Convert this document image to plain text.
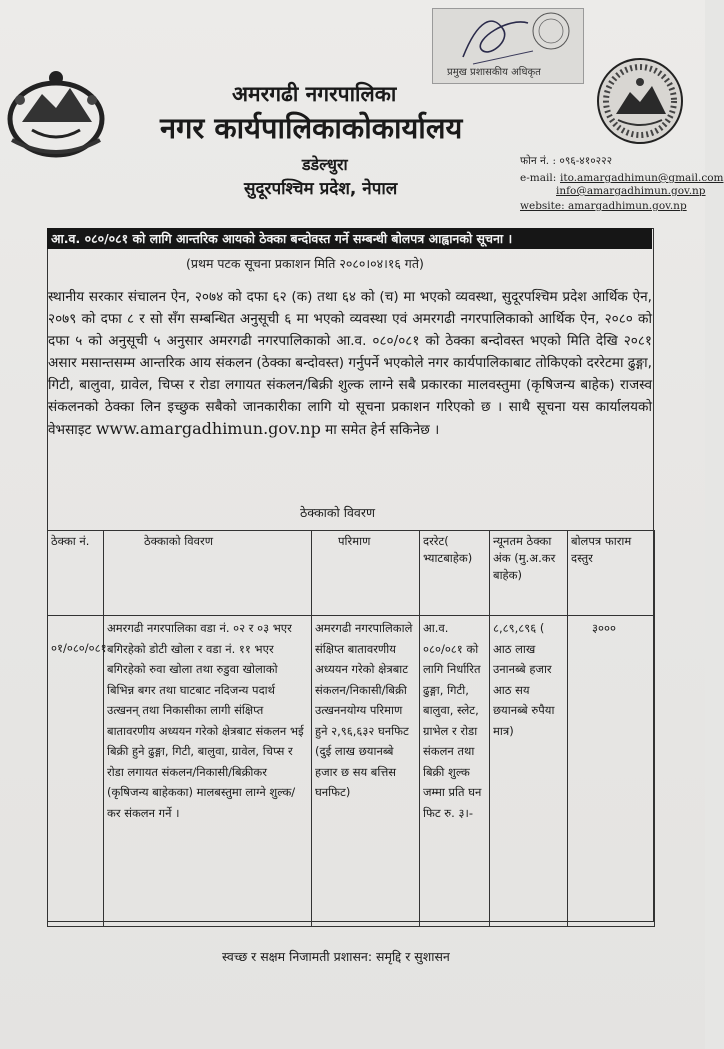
प्रमुख प्रशासकीय अधिकृत
अमरगढी नगरपालिका
नगर कार्यपालिकाकोकार्यालय
डडेल्धुरा
सुदूरपश्चिम प्रदेश, नेपाल
फोन नं. : ०९६-४१०२२२
e-mail: ito.amargadhimun@gmail.com
info@amargadhimun.gov.np
website: amargadhimun.gov.np
आ.व. ०८०/०८१ को लागि आन्तरिक आयको ठेक्का बन्दोवस्त गर्ने सम्बन्धी बोलपत्र आह्वानको सूचना ।
(प्रथम पटक सूचना प्रकाशन मिति २०८०।०४।१६ गते)
स्थानीय सरकार संचालन ऐन, २०७४ को दफा ६२ (क) तथा ६४ को (च) मा भएको व्यवस्था, सुदूरपश्चिम प्रदेश आर्थिक ऐन, २०७९ को दफा ८ र सो सँग सम्बन्धित अनुसूची ६ मा भएको व्यवस्था एवं अमरगढी नगरपालिकाको आर्थिक ऐन, २०८० को दफा ५ को अनुसूची ५ अनुसार अमरगढी नगरपालिकाको आ.व. ०८०/०८१ को ठेक्का बन्दोवस्त भएको मिति देखि २०८१ असार मसान्तसम्म आन्तरिक आय संकलन (ठेक्का बन्दोवस्त) गर्नुपर्ने भएकोले नगर कार्यपालिकाबाट तोकिएको दररेटमा ढुङ्गा, गिटी, बालुवा, ग्रावेल, चिप्स र रोडा लगायत संकलन/बिक्री शुल्क लाग्ने सबै प्रकारका मालवस्तुमा (कृषिजन्य बाहेक) राजस्व संकलनको ठेक्का लिन इच्छुक सबैको जानकारीका लागि यो सूचना प्रकाशन गरिएको छ । साथै सूचना यस कार्यालयको वेभसाइट www.amargadhimun.gov.np मा समेत हेर्न सकिनेछ ।
ठेक्काको विवरण
ठेक्का नं.	ठेक्काको विवरण	परिमाण	दररेट( भ्याटबाहेक)	न्यूनतम ठेक्का अंक (मु.अ.कर बाहेक)	बोलपत्र फाराम दस्तुर
०१/०८०/०८१	अमरगढी नगरपालिका वडा नं. ०२ र ०३ भएर बगिरहेको डोटी खोला र वडा नं. ११ भएर बगिरहेको रुवा खोला तथा रुडुवा खोलाको बिभिन्न बगर तथा घाटबाट नदिजन्य पदार्थ उत्खनन् तथा निकासीका लागी संक्षिप्त बातावरणीय अध्ययन गरेको क्षेत्रबाट संकलन भई बिक्री हुने ढुङ्गा, गिटी, बालुवा, ग्रावेल, चिप्स र रोडा लगायत संकलन/निकासी/बिक्रीकर (कृषिजन्य बाहेकका) मालबस्तुमा लाग्ने शुल्क/कर संकलन गर्ने ।	अमरगढी नगरपालिकाले संक्षिप्त बातावरणीय अध्ययन गरेको क्षेत्रबाट संकलन/निकासी/बिक्री उत्खननयोग्य परिमाण हुने २,९६,६३२ घनफिट (दुई लाख छयानब्बे हजार छ सय बत्तिस घनफिट)	आ.व. ०८०/०८१ को लागि निर्धारित ढुङ्गा, गिटी, बालुवा, स्लेट, ग्राभेल र रोडा संकलन तथा बिक्री शुल्क जम्मा प्रति घन फिट रु. ३।-	८,८९,८९६ ( आठ लाख उनानब्बे हजार आठ सय छयानब्बे रुपैया मात्र)	३०००
स्वच्छ र सक्षम निजामती प्रशासन: समृद्दि र सुशासन
